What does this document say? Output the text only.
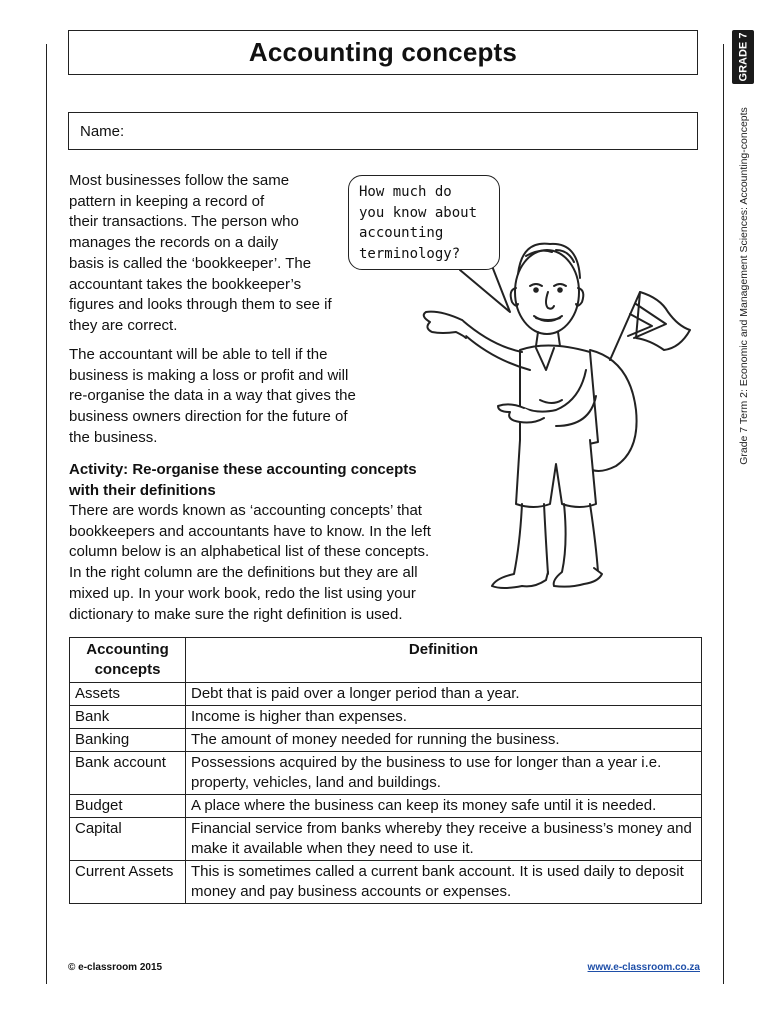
Accounting concepts	GRADE 7
Grade 7 Term 2: Economic and Management Sciences: Accounting-concepts
Name:

Most businesses follow the same
pattern in keeping a record of
their transactions. The person who
manages the records on a daily
basis is called the ‘bookkeeper’. The
accountant takes the bookkeeper’s
figures and looks through them to see if
they are correct.

The accountant will be able to tell if the
business is making a loss or profit and will
re-organise the data in a way that gives the
business owners direction for the future of
the business.

How much do
you know about
accounting
terminology?

Activity: Re-organise these accounting concepts
with their definitions

There are words known as ‘accounting concepts’ that
bookkeepers and accountants have to know. In the left
column below is an alphabetical list of these concepts.
In the right column are the definitions but they are all
mixed up. In your work book, redo the list using your
dictionary to make sure the right definition is used.

Accounting concepts	Definition
Assets	Debt that is paid over a longer period than a year.
Bank	Income is higher than expenses.
Banking	The amount of money needed for running the business.
Bank account	Possessions acquired by the business to use for longer than a year i.e. property, vehicles, land and buildings.
Budget	A place where the business can keep its money safe until it is needed.
Capital	Financial service from banks whereby they receive a business’s money and make it available when they need to use it.
Current Assets	This is sometimes called a current bank account. It is used daily to deposit money and pay business accounts or expenses.
© e-classroom 2015	www.e-classroom.co.za
